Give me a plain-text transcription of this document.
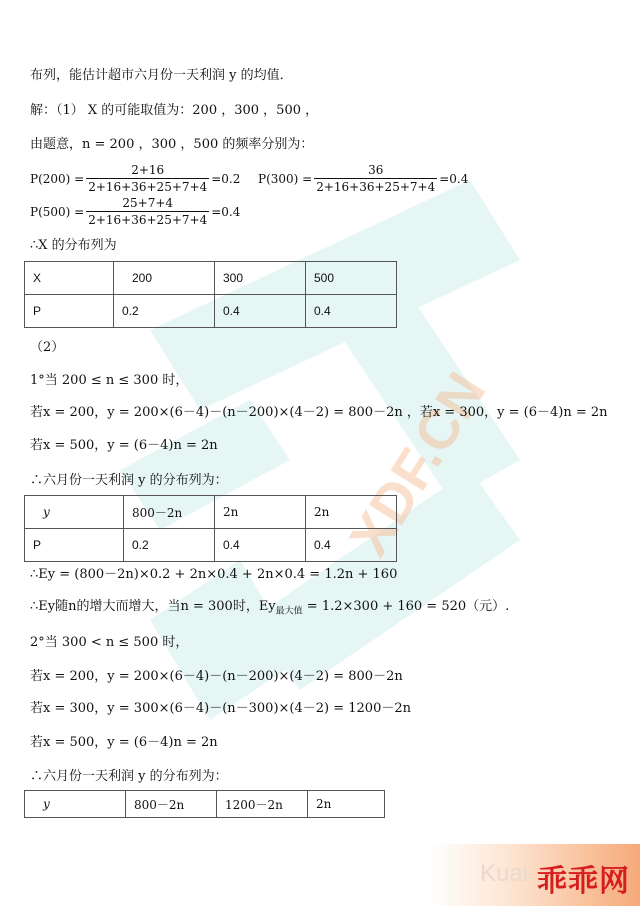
XDF.CN
布列，能估计超市六月份一天利润 y 的均值．
解：（1） X 的可能取值为：200 ，300 ，500 ，
由题意，n = 200 ，300 ，500 的频率分别为：
$P(200) = \frac{2+16}{2+16+36+25+7+4} =0.2$ $P(300) = \frac{36}{2+16+36+25+7+4} =0.4$
$P(500) = \frac{25+7+4}{2+16+36+25+7+4} =0.4$
∴X 的分布列为
X	200	300	500
P	0.2	0.4	0.4
（2）
1°当 200 ≤ n ≤ 300 时，
若x = 200，y = 200×(6－4)－(n－200)×(4－2) = 800－2n ，若x = 300，y = (6－4)n = 2n
若x = 500，y = (6－4)n = 2n
∴六月份一天利润 y 的分布列为：
y	800－2n	2n	2n
P	0.2	0.4	0.4
∴Ey = (800－2n)×0.2 + 2n×0.4 + 2n×0.4 = 1.2n + 160
∴Ey随n的增大而增大，当n = 300时，$Ey_{最大值} = 1.2\times 300 + 160 = 520$（元）.
2°当 300 < n ≤ 500 时，
若x = 200，y = 200×(6－4)－(n－200)×(4－2) = 800－2n
若x = 300，y = 300×(6－4)－(n－300)×(4－2) = 1200－2n
若x = 500，y = (6－4)n = 2n
∴六月份一天利润 y 的分布列为：
y	800－2n	1200－2n	2n
Kuai 乖乖网
